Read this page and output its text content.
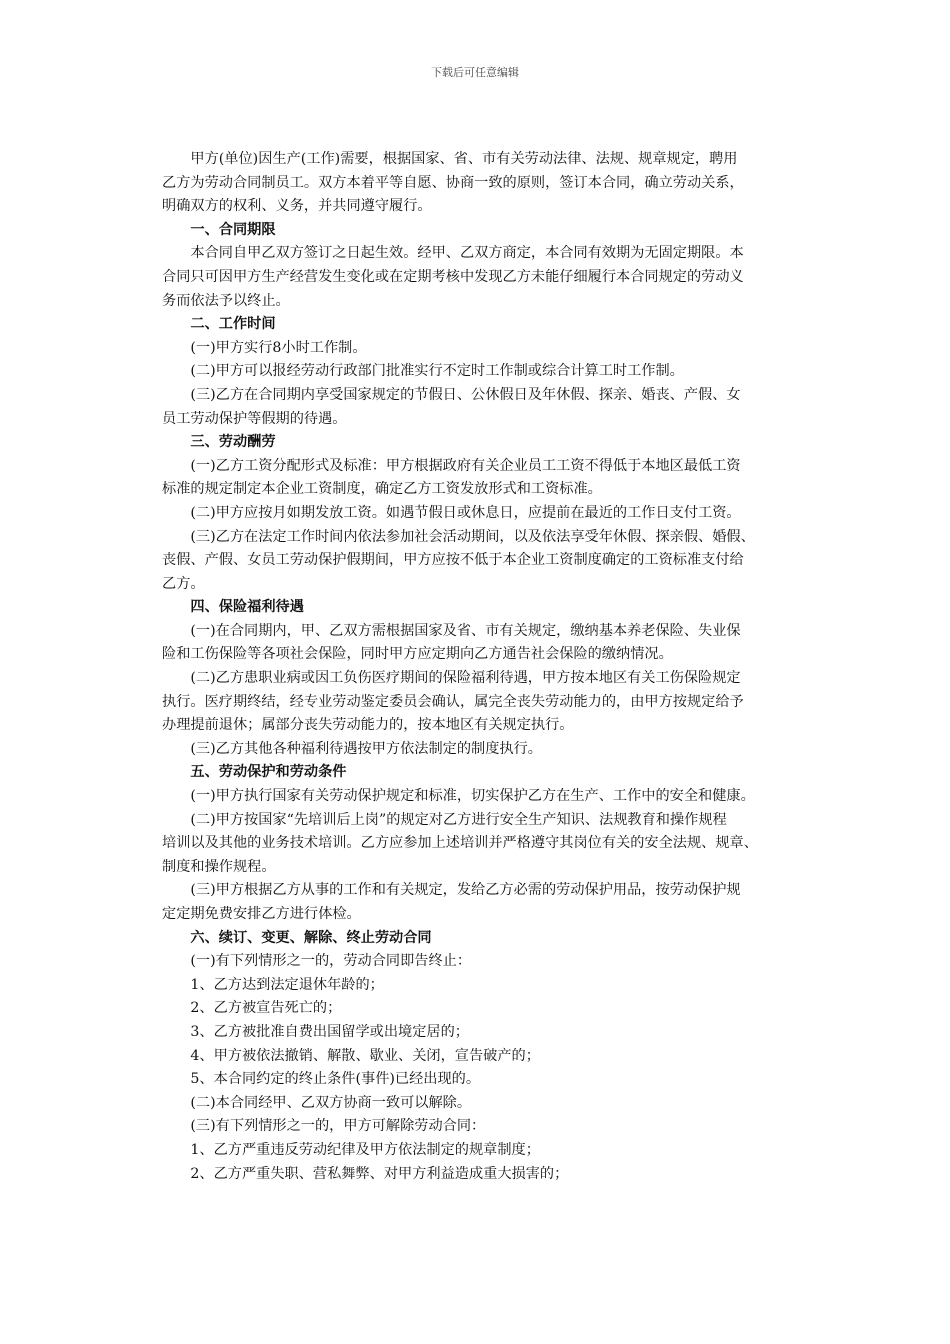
下载后可任意编辑
　　甲方(单位)因生产(工作)需要，根据国家、省、市有关劳动法律、法规、规章规定，聘用
乙方为劳动合同制员工。双方本着平等自愿、协商一致的原则，签订本合同，确立劳动关系，
明确双方的权利、义务，并共同遵守履行。
　　一、合同期限
　　本合同自甲乙双方签订之日起生效。经甲、乙双方商定，本合同有效期为无固定期限。本
合同只可因甲方生产经营发生变化或在定期考核中发现乙方未能仔细履行本合同规定的劳动义
务而依法予以终止。
　　二、工作时间
　　(一)甲方实行8小时工作制。
　　(二)甲方可以报经劳动行政部门批准实行不定时工作制或综合计算工时工作制。
　　(三)乙方在合同期内享受国家规定的节假日、公休假日及年休假、探亲、婚丧、产假、女
员工劳动保护等假期的待遇。
　　三、劳动酬劳
　　(一)乙方工资分配形式及标准：甲方根据政府有关企业员工工资不得低于本地区最低工资
标准的规定制定本企业工资制度，确定乙方工资发放形式和工资标准。
　　(二)甲方应按月如期发放工资。如遇节假日或休息日，应提前在最近的工作日支付工资。
　　(三)乙方在法定工作时间内依法参加社会活动期间，以及依法享受年休假、探亲假、婚假、
丧假、产假、女员工劳动保护假期间，甲方应按不低于本企业工资制度确定的工资标准支付给
乙方。
　　四、保险福利待遇
　　(一)在合同期内，甲、乙双方需根据国家及省、市有关规定，缴纳基本养老保险、失业保
险和工伤保险等各项社会保险，同时甲方应定期向乙方通告社会保险的缴纳情况。
　　(二)乙方患职业病或因工负伤医疗期间的保险福利待遇，甲方按本地区有关工伤保险规定
执行。医疗期终结，经专业劳动鉴定委员会确认，属完全丧失劳动能力的，由甲方按规定给予
办理提前退休；属部分丧失劳动能力的，按本地区有关规定执行。
　　(三)乙方其他各种福利待遇按甲方依法制定的制度执行。
　　五、劳动保护和劳动条件
　　(一)甲方执行国家有关劳动保护规定和标准，切实保护乙方在生产、工作中的安全和健康。
　　(二)甲方按国家“先培训后上岗”的规定对乙方进行安全生产知识、法规教育和操作规程
培训以及其他的业务技术培训。乙方应参加上述培训并严格遵守其岗位有关的安全法规、规章、
制度和操作规程。
　　(三)甲方根据乙方从事的工作和有关规定，发给乙方必需的劳动保护用品，按劳动保护规
定定期免费安排乙方进行体检。
　　六、续订、变更、解除、终止劳动合同
　　(一)有下列情形之一的，劳动合同即告终止：
　　1、乙方达到法定退休年龄的；
　　2、乙方被宣告死亡的；
　　3、乙方被批准自费出国留学或出境定居的；
　　4、甲方被依法撤销、解散、歇业、关闭，宣告破产的；
　　5、本合同约定的终止条件(事件)已经出现的。
　　(二)本合同经甲、乙双方协商一致可以解除。
　　(三)有下列情形之一的，甲方可解除劳动合同：
　　1、乙方严重违反劳动纪律及甲方依法制定的规章制度；
　　2、乙方严重失职、营私舞弊、对甲方利益造成重大损害的；
